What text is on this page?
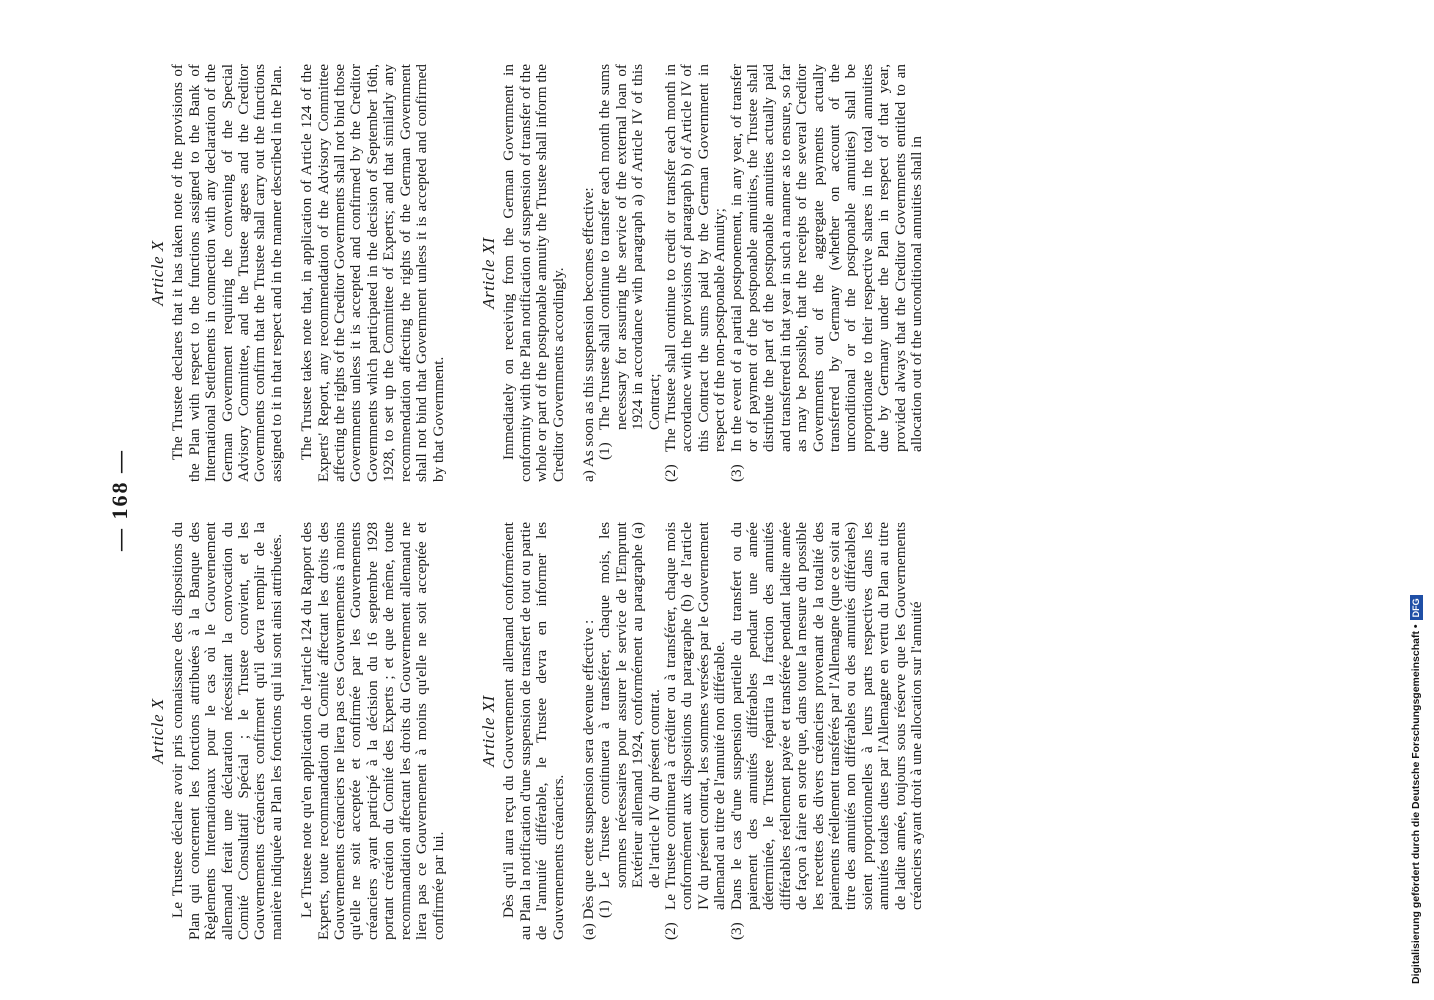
— 168 —
Article X Le Trustee déclare avoir pris connaissance des dispositions du Plan qui concernent les fonctions attribuées à la Banque des Règlements Internationaux pour le cas où le Gouvernement allemand ferait une déclaration nécessitant la convocation du Comité Consultatif Spécial ; le Trustee convient, et les Gouvernements créanciers confirment qu'il devra remplir de la manière indiquée au Plan les fonctions qui lui sont ainsi attribuées. Le Trustee note qu'en application de l'article 124 du Rapport des Experts, toute recommandation du Comité affectant les droits des Gouvernements créanciers ne liera pas ces Gouvernements à moins qu'elle ne soit acceptée et confirmée par les Gouvernements créanciers ayant participé à la décision du 16 septembre 1928 portant création du Comité des Experts ; et que de même, toute recommandation affectant les droits du Gouvernement allemand ne liera pas ce Gouvernement à moins qu'elle ne soit acceptée et confirmée par lui.

Article XI Dès qu'il aura reçu du Gouvernement allemand conformément au Plan la notification d'une suspension de transfert de tout ou partie de l'annuité différable, le Trustee devra en informer les Gouvernements créanciers. (a) Dès que cette suspension sera devenue effective : (1)
Le Trustee continuera à transférer, chaque mois, les sommes nécessaires pour assurer le service de l'Emprunt Extérieur allemand 1924, conformément au paragraphe (a) de l'article IV du présent contrat.
(2)
Le Trustee continuera à créditer ou à transférer, chaque mois conformément aux dispositions du paragraphe (b) de l'article IV du présent contrat, les sommes versées par le Gouvernement allemand au titre de l'annuité non différable.
(3)
Dans le cas d'une suspension partielle du transfert ou du paiement des annuités différables pendant une année déterminée, le Trustee répartira la fraction des annuités différables réellement payée et transférée pendant ladite année de façon à faire en sorte que, dans toute la mesure du possible les recettes des divers créanciers provenant de la totalité des paiements réellement transférés par l'Allemagne (que ce soit au titre des annuités non différables ou des annuités différables) soient proportionnelles à leurs parts respectives dans les annuités totales dues par l'Allemagne en vertu du Plan au titre de ladite année, toujours sous réserve que les Gouvernements créanciers ayant droit à une allocation sur l'annuité
Article X The Trustee declares that it has taken note of the provisions of the Plan with respect to the functions assigned to the Bank of International Settlements in connection with any declaration of the German Government requiring the convening of the Special Advisory Committee, and the Trustee agrees and the Creditor Governments confirm that the Trustee shall carry out the functions assigned to it in that respect and in the manner described in the Plan. The Trustee takes note that, in application of Article 124 of the Experts' Report, any recommendation of the Advisory Committee affecting the rights of the Creditor Governments shall not bind those Governments unless it is accepted and confirmed by the Creditor Governments which participated in the decision of September 16th, 1928, to set up the Committee of Experts; and that similarly any recommendation affecting the rights of the German Government shall not bind that Government unless it is accepted and confirmed by that Government.

Article XI Immediately on receiving from the German Government in conformity with the Plan notification of suspension of transfer of the whole or part of the postponable annuity the Trustee shall inform the Creditor Governments accordingly. a) As soon as this suspension becomes effective: (1)
The Trustee shall continue to transfer each month the sums necessary for assuring the service of the external loan of 1924 in accordance with paragraph a) of Article IV of this Contract;
(2)
The Trustee shall continue to credit or transfer each month in accordance with the provisions of paragraph b) of Article IV of this Contract the sums paid by the German Government in respect of the non-postponable Annuity;
(3)
In the event of a partial postponement, in any year, of transfer or of payment of the postponable annuities, the Trustee shall distribute the part of the postponable annuities actually paid and transferred in that year in such a manner as to ensure, so far as may be possible, that the receipts of the several Creditor Governments out of the aggregate payments actually transferred by Germany (whether on account of the unconditional or of the postponable annuities) shall be proportionate to their respective shares in the total annuities due by Germany under the Plan in respect of that year, provided always that the Creditor Governments entitled to an allocation out of the unconditional annuities shall in
Digitalisierung gefördert durch die Deutsche Forschungsgemeinschaft •DFG
